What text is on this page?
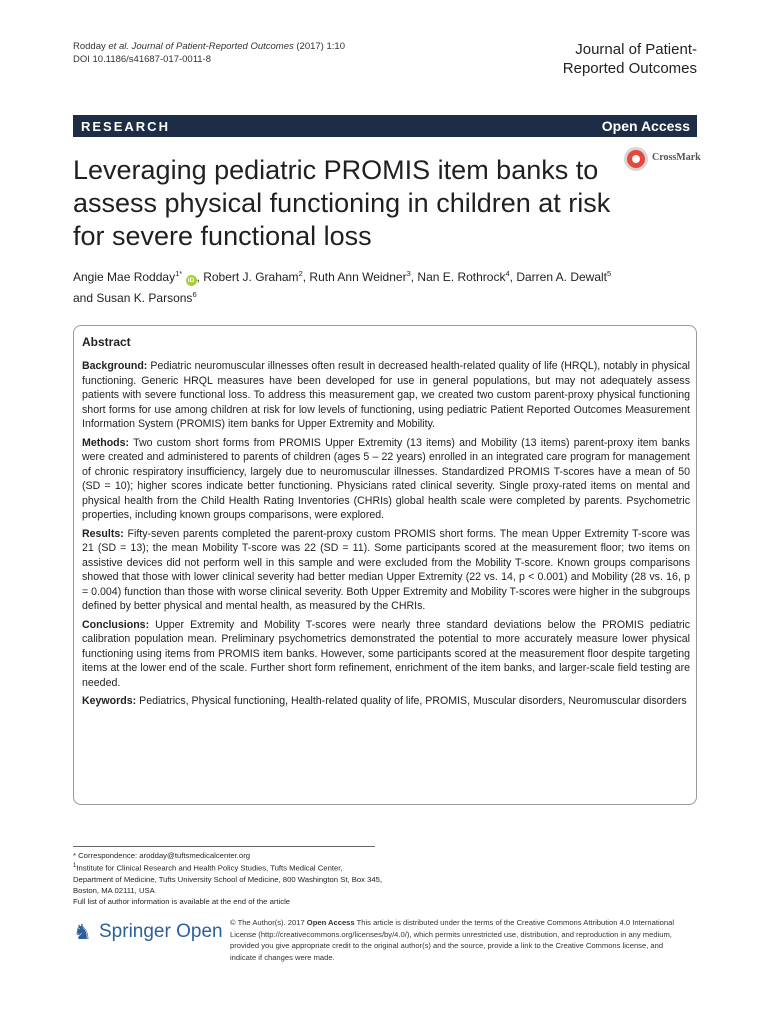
Rodday et al. Journal of Patient-Reported Outcomes (2017) 1:10
DOI 10.1186/s41687-017-0011-8
Journal of Patient-
Reported Outcomes
RESEARCH	Open Access
Leveraging pediatric PROMIS item banks to assess physical functioning in children at risk for severe functional loss
CrossMark
Angie Mae Rodday$^{1*}$ iD , Robert J. Graham$^2$, Ruth Ann Weidner$^3$, Nan E. Rothrock$^4$, Darren A. Dewalt$^5$
and Susan K. Parsons$^6$
Abstract

Background: Pediatric neuromuscular illnesses often result in decreased health-related quality of life (HRQL), notably in physical functioning. Generic HRQL measures have been developed for use in general populations, but may not adequately assess patients with severe functional loss. To address this measurement gap, we created two custom parent-proxy physical functioning short forms for use among children at risk for low levels of functioning, using pediatric Patient Reported Outcomes Measurement Information System (PROMIS) item banks for Upper Extremity and Mobility.

Methods: Two custom short forms from PROMIS Upper Extremity (13 items) and Mobility (13 items) parent-proxy item banks were created and administered to parents of children (ages 5 – 22 years) enrolled in an integrated care program for management of chronic respiratory insufficiency, largely due to neuromuscular illnesses. Standardized PROMIS T-scores have a mean of 50 (SD = 10); higher scores indicate better functioning. Physicians rated clinical severity. Single proxy-rated items on mental and physical health from the Child Health Rating Inventories (CHRIs) global health scale were completed by parents. Psychometric properties, including known groups comparisons, were explored.

Results: Fifty-seven parents completed the parent-proxy custom PROMIS short forms. The mean Upper Extremity T-score was 21 (SD = 13); the mean Mobility T-score was 22 (SD = 11). Some participants scored at the measurement floor; two items on assistive devices did not perform well in this sample and were excluded from the Mobility T-score. Known groups comparisons showed that those with lower clinical severity had better median Upper Extremity (22 vs. 14, p < 0.001) and Mobility (28 vs. 16, p = 0.004) function than those with worse clinical severity. Both Upper Extremity and Mobility T-scores were higher in the subgroups defined by better physical and mental health, as measured by the CHRIs.

Conclusions: Upper Extremity and Mobility T-scores were nearly three standard deviations below the PROMIS pediatric calibration population mean. Preliminary psychometrics demonstrated the potential to more accurately measure lower physical functioning using items from PROMIS item banks. However, some participants scored at the measurement floor despite targeting items at the lower end of the scale. Further short form refinement, enrichment of the item banks, and larger-scale field testing are needed.

Keywords: Pediatrics, Physical functioning, Health-related quality of life, PROMIS, Muscular disorders, Neuromuscular disorders

* Correspondence: arodday@tuftsmedicalcenter.org
$^1$Institute for Clinical Research and Health Policy Studies, Tufts Medical Center, Department of Medicine, Tufts University School of Medicine, 800 Washington St, Box 345, Boston, MA 02111, USA
Full list of author information is available at the end of the article
♞ Springer Open © The Author(s). 2017 Open Access This article is distributed under the terms of the Creative Commons Attribution 4.0 International License (http://creativecommons.org/licenses/by/4.0/), which permits unrestricted use, distribution, and reproduction in any medium, provided you give appropriate credit to the original author(s) and the source, provide a link to the Creative Commons license, and indicate if changes were made.
